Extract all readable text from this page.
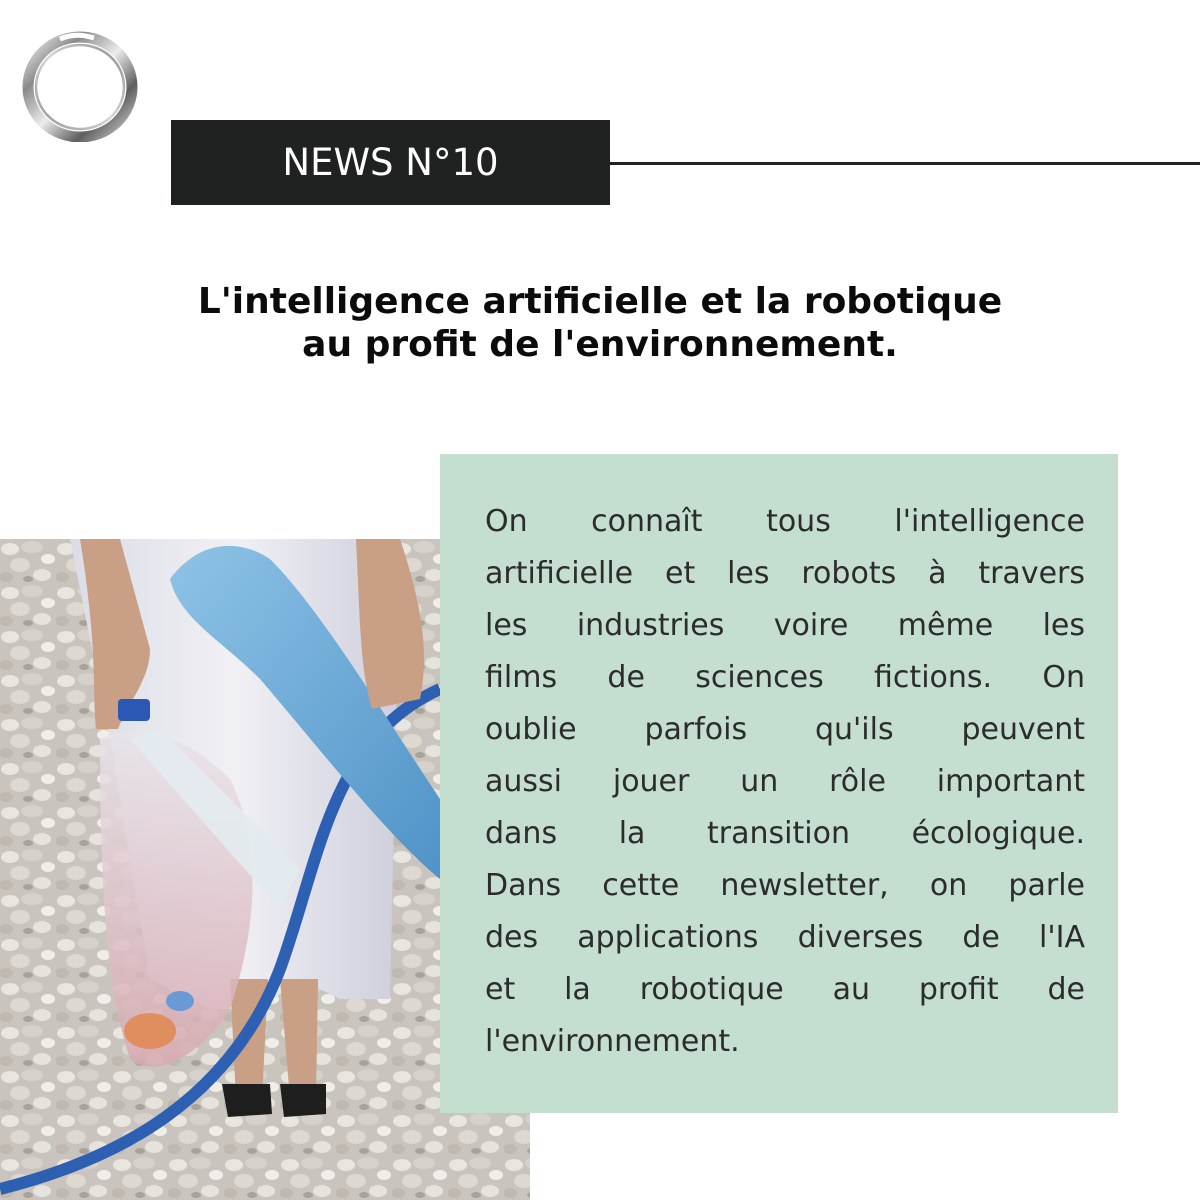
NEWS N°10
L'intelligence artificielle et la robotique
au profit de l'environnement.
On connaît tous l'intelligence
artificielle et les robots à travers
les industries voire même les
films de sciences fictions. On
oublie parfois qu'ils peuvent
aussi jouer un rôle important
dans la transition écologique.
Dans cette newsletter, on parle
des applications diverses de l'IA
et la robotique au profit de
l'environnement.
